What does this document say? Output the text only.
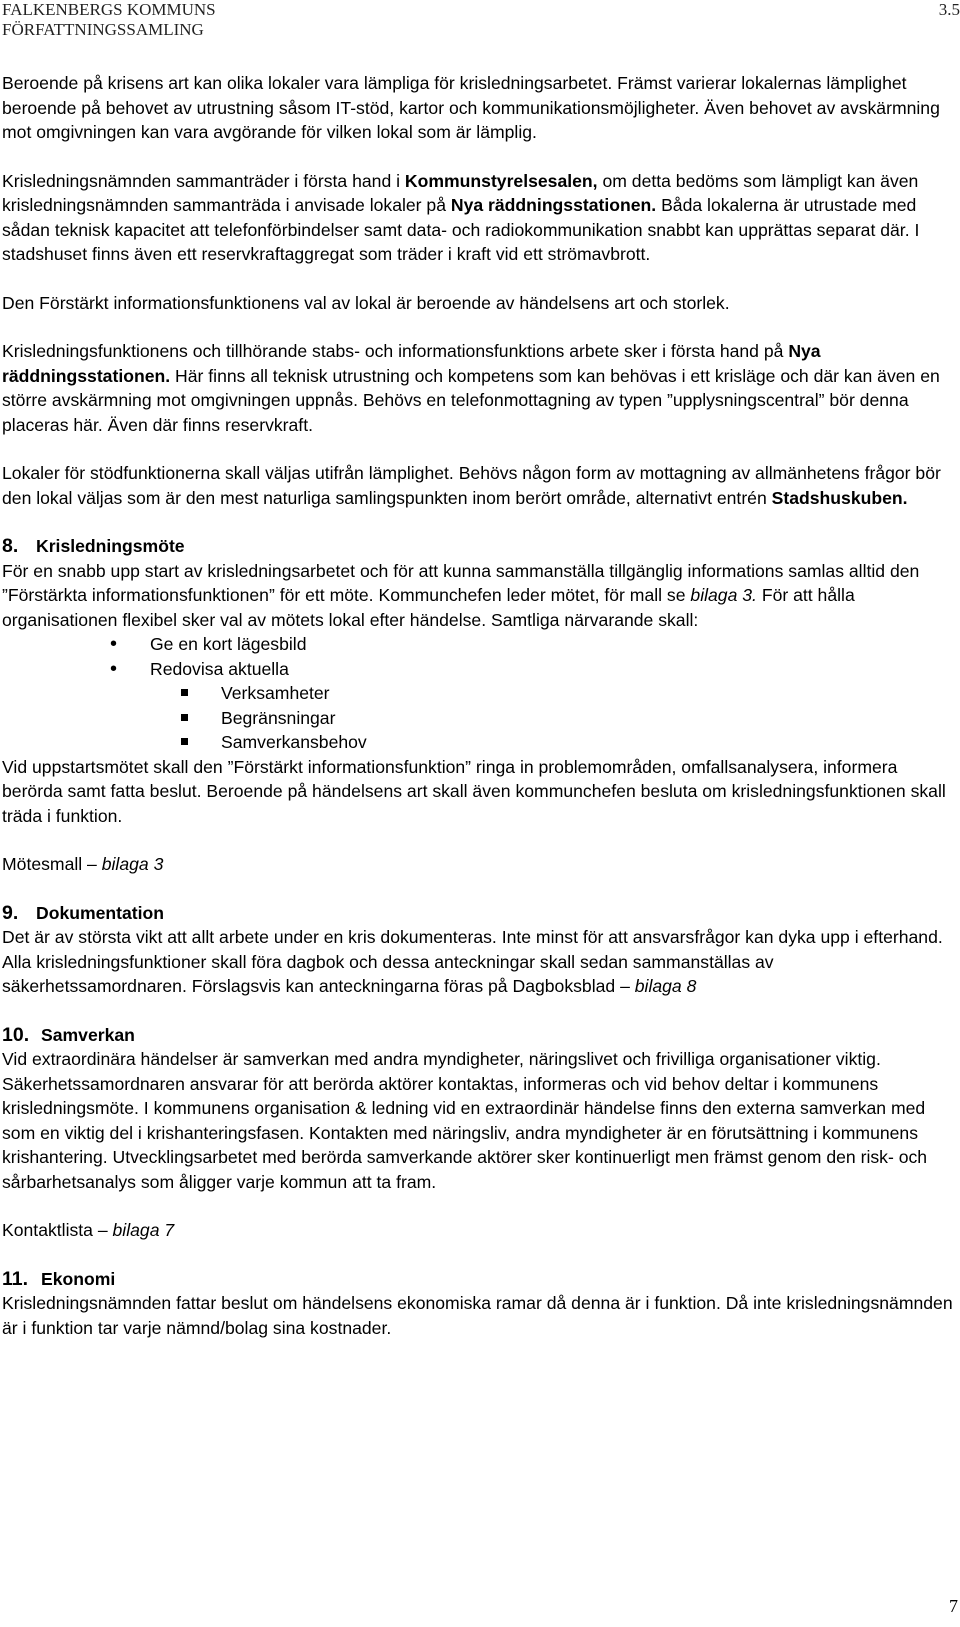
FALKENBERGS KOMMUNS
FÖRFATTNINGSSAMLING
3.5

Beroende på krisens art kan olika lokaler vara lämpliga för krisledningsarbetet. Främst varierar lokalernas lämplighet beroende på behovet av utrustning såsom IT-stöd, kartor och kommunikationsmöjligheter. Även behovet av avskärmning mot omgivningen kan vara avgörande för vilken lokal som är lämplig.

Krisledningsnämnden sammanträder i första hand i Kommunstyrelsesalen, om detta bedöms som lämpligt kan även krisledningsnämnden sammanträda i anvisade lokaler på Nya räddningsstationen. Båda lokalerna är utrustade med sådan teknisk kapacitet att telefonförbindelser samt data- och radiokommunikation snabbt kan upprättas separat där. I stadshuset finns även ett reservkraftaggregat som träder i kraft vid ett strömavbrott.

Den Förstärkt informationsfunktionens val av lokal är beroende av händelsens art och storlek.

Krisledningsfunktionens och tillhörande stabs- och informationsfunktions arbete sker i första hand på Nya räddningsstationen. Här finns all teknisk utrustning och kompetens som kan behövas i ett krisläge och där kan även en större avskärmning mot omgivningen uppnås. Behövs en telefonmottagning av typen ”upplysningscentral” bör denna placeras här. Även där finns reservkraft.

Lokaler för stödfunktionerna skall väljas utifrån lämplighet. Behövs någon form av mottagning av allmänhetens frågor bör den lokal väljas som är den mest naturliga samlingspunkten inom berört område, alternativt entrén Stadshuskuben.

8. Krisledningsmöte

För en snabb upp start av krisledningsarbetet och för att kunna sammanställa tillgänglig informations samlas alltid den ”Förstärkta informationsfunktionen” för ett möte. Kommunchefen leder mötet, för mall se bilaga 3. För att hålla organisationen flexibel sker val av mötets lokal efter händelse. Samtliga närvarande skall:

• Ge en kort lägesbild
• Redovisa aktuella
Verksamheter
Begränsningar
Samverkansbehov

Vid uppstartsmötet skall den ”Förstärkt informationsfunktion” ringa in problemområden, omfallsanalysera, informera berörda samt fatta beslut. Beroende på händelsens art skall även kommunchefen besluta om krisledningsfunktionen skall träda i funktion.

Mötesmall – bilaga 3

9. Dokumentation

Det är av största vikt att allt arbete under en kris dokumenteras. Inte minst för att ansvarsfrågor kan dyka upp i efterhand. Alla krisledningsfunktioner skall föra dagbok och dessa anteckningar skall sedan sammanställas av säkerhetssamordnaren. Förslagsvis kan anteckningarna föras på Dagboksblad – bilaga 8

10. Samverkan

Vid extraordinära händelser är samverkan med andra myndigheter, näringslivet och frivilliga organisationer viktig. Säkerhetssamordnaren ansvarar för att berörda aktörer kontaktas, informeras och vid behov deltar i kommunens krisledningsmöte. I kommunens organisation & ledning vid en extraordinär händelse finns den externa samverkan med som en viktig del i krishanteringsfasen. Kontakten med näringsliv, andra myndigheter är en förutsättning i kommunens krishantering. Utvecklingsarbetet med berörda samverkande aktörer sker kontinuerligt men främst genom den risk- och sårbarhetsanalys som åligger varje kommun att ta fram.

Kontaktlista – bilaga 7

11. Ekonomi

Krisledningsnämnden fattar beslut om händelsens ekonomiska ramar då denna är i funktion. Då inte krisledningsnämnden är i funktion tar varje nämnd/bolag sina kostnader.

7
